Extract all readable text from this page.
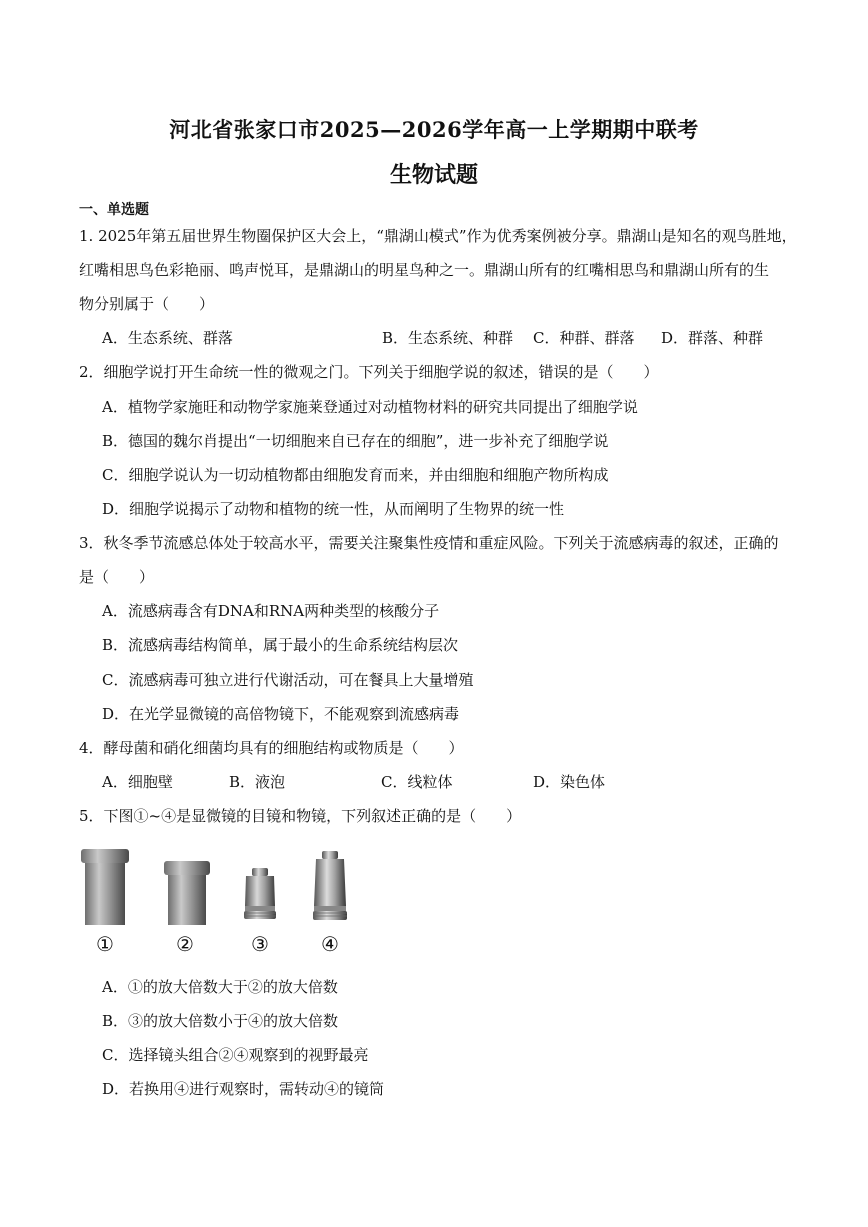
河北省张家口市2025—2026学年高一上学期期中联考
生物试题
一、单选题
1. 2025年第五届世界生物圈保护区大会上，“鼎湖山模式”作为优秀案例被分享。鼎湖山是知名的观鸟胜地，
红嘴相思鸟色彩艳丽、鸣声悦耳，是鼎湖山的明星鸟种之一。鼎湖山所有的红嘴相思鸟和鼎湖山所有的生
物分别属于（　　）
A．生态系统、群落	B．生态系统、种群 C．种群、群落 D．群落、种群
2．细胞学说打开生命统一性的微观之门。下列关于细胞学说的叙述，错误的是（　　）
A．植物学家施旺和动物学家施莱登通过对动植物材料的研究共同提出了细胞学说
B．德国的魏尔肖提出“一切细胞来自已存在的细胞”，进一步补充了细胞学说
C．细胞学说认为一切动植物都由细胞发育而来，并由细胞和细胞产物所构成
D．细胞学说揭示了动物和植物的统一性，从而阐明了生物界的统一性
3．秋冬季节流感总体处于较高水平，需要关注聚集性疫情和重症风险。下列关于流感病毒的叙述，正确的
是（　　）
A．流感病毒含有DNA和RNA两种类型的核酸分子
B．流感病毒结构简单，属于最小的生命系统结构层次
C．流感病毒可独立进行代谢活动，可在餐具上大量增殖
D．在光学显微镜的高倍物镜下，不能观察到流感病毒
4．酵母菌和硝化细菌均具有的细胞结构或物质是（　　）
A．细胞壁	B．液泡	C．线粒体	D．染色体
5．下图①~④是显微镜的目镜和物镜，下列叙述正确的是（　　）
①	②	③	④
A．①的放大倍数大于②的放大倍数
B．③的放大倍数小于④的放大倍数
C．选择镜头组合②④观察到的视野最亮
D．若换用④进行观察时，需转动④的镜筒
